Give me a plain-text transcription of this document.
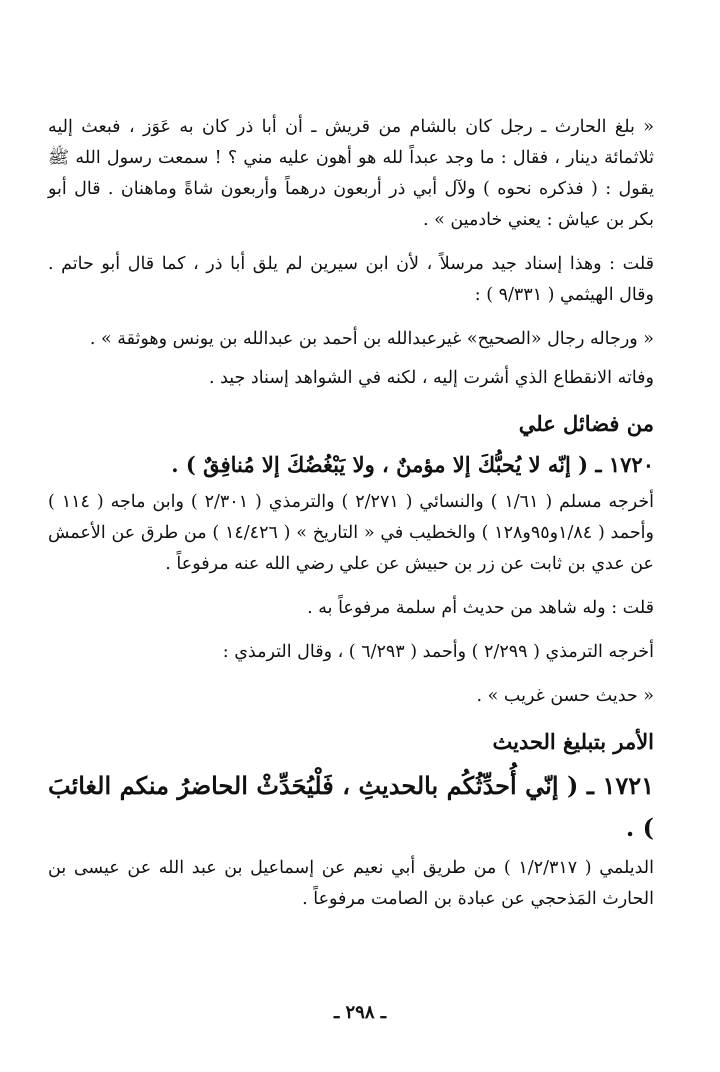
« بلغ الحارث ـ رجل كان بالشام من قريش ـ أن أبا ذر كان به عَوَز ، فبعث إليه ثلاثمائة دينار ، فقال : ما وجد عبداً لله هو أهون عليه مني ؟ ! سمعت رسول الله ﷺ يقول : ( فذكره نحوه ) ولآل أبي ذر أربعون درهماً وأربعون شاةً وماهنان . قال أبو بكر بن عياش : يعني خادمين » .

قلت : وهذا إسناد جيد مرسلاً ، لأن ابن سيرين لم يلق أبا ذر ، كما قال أبو حاتم . وقال الهيثمي ( ٩/٣٣١ ) :

« ورجاله رجال «الصحيح» غيرعبدالله بن أحمد بن عبدالله بن يونس وهوثقة » .

وفاته الانقطاع الذي أشرت إليه ، لكنه في الشواهد إسناد جيد .

من فضائل علي
١٧٢٠ ـ ( إنّه لا يُحبُّكَ إلا مؤمنٌ ، ولا يَبْغُضُكَ إلا مُنافِقٌ ) .

أخرجه مسلم ( ١/٦١ ) والنسائي ( ٢/٢٧١ ) والترمذي ( ٢/٣٠١ ) وابن ماجه ( ١١٤ ) وأحمد ( ١/٨٤و٩٥و١٢٨ ) والخطيب في « التاريخ » ( ١٤/٤٢٦ ) من طرق عن الأعمش عن عدي بن ثابت عن زر بن حبيش عن علي رضي الله عنه مرفوعاً .

قلت : وله شاهد من حديث أم سلمة مرفوعاً به .

أخرجه الترمذي ( ٢/٢٩٩ ) وأحمد ( ٦/٢٩٣ ) ، وقال الترمذي :

« حديث حسن غريب » .

الأمر بتبليغ الحديث
١٧٢١ ـ ( إنّي أُحدِّثُكُم بالحديثِ ، فَلْيُحَدِّثْ الحاضرُ منكم الغائبَ ) .

الديلمي ( ١/٢/٣١٧ ) من طريق أبي نعيم عن إسماعيل بن عبد الله عن عيسى بن الحارث المَذحجي عن عبادة بن الصامت مرفوعاً .

ـ ٢٩٨ ـ
